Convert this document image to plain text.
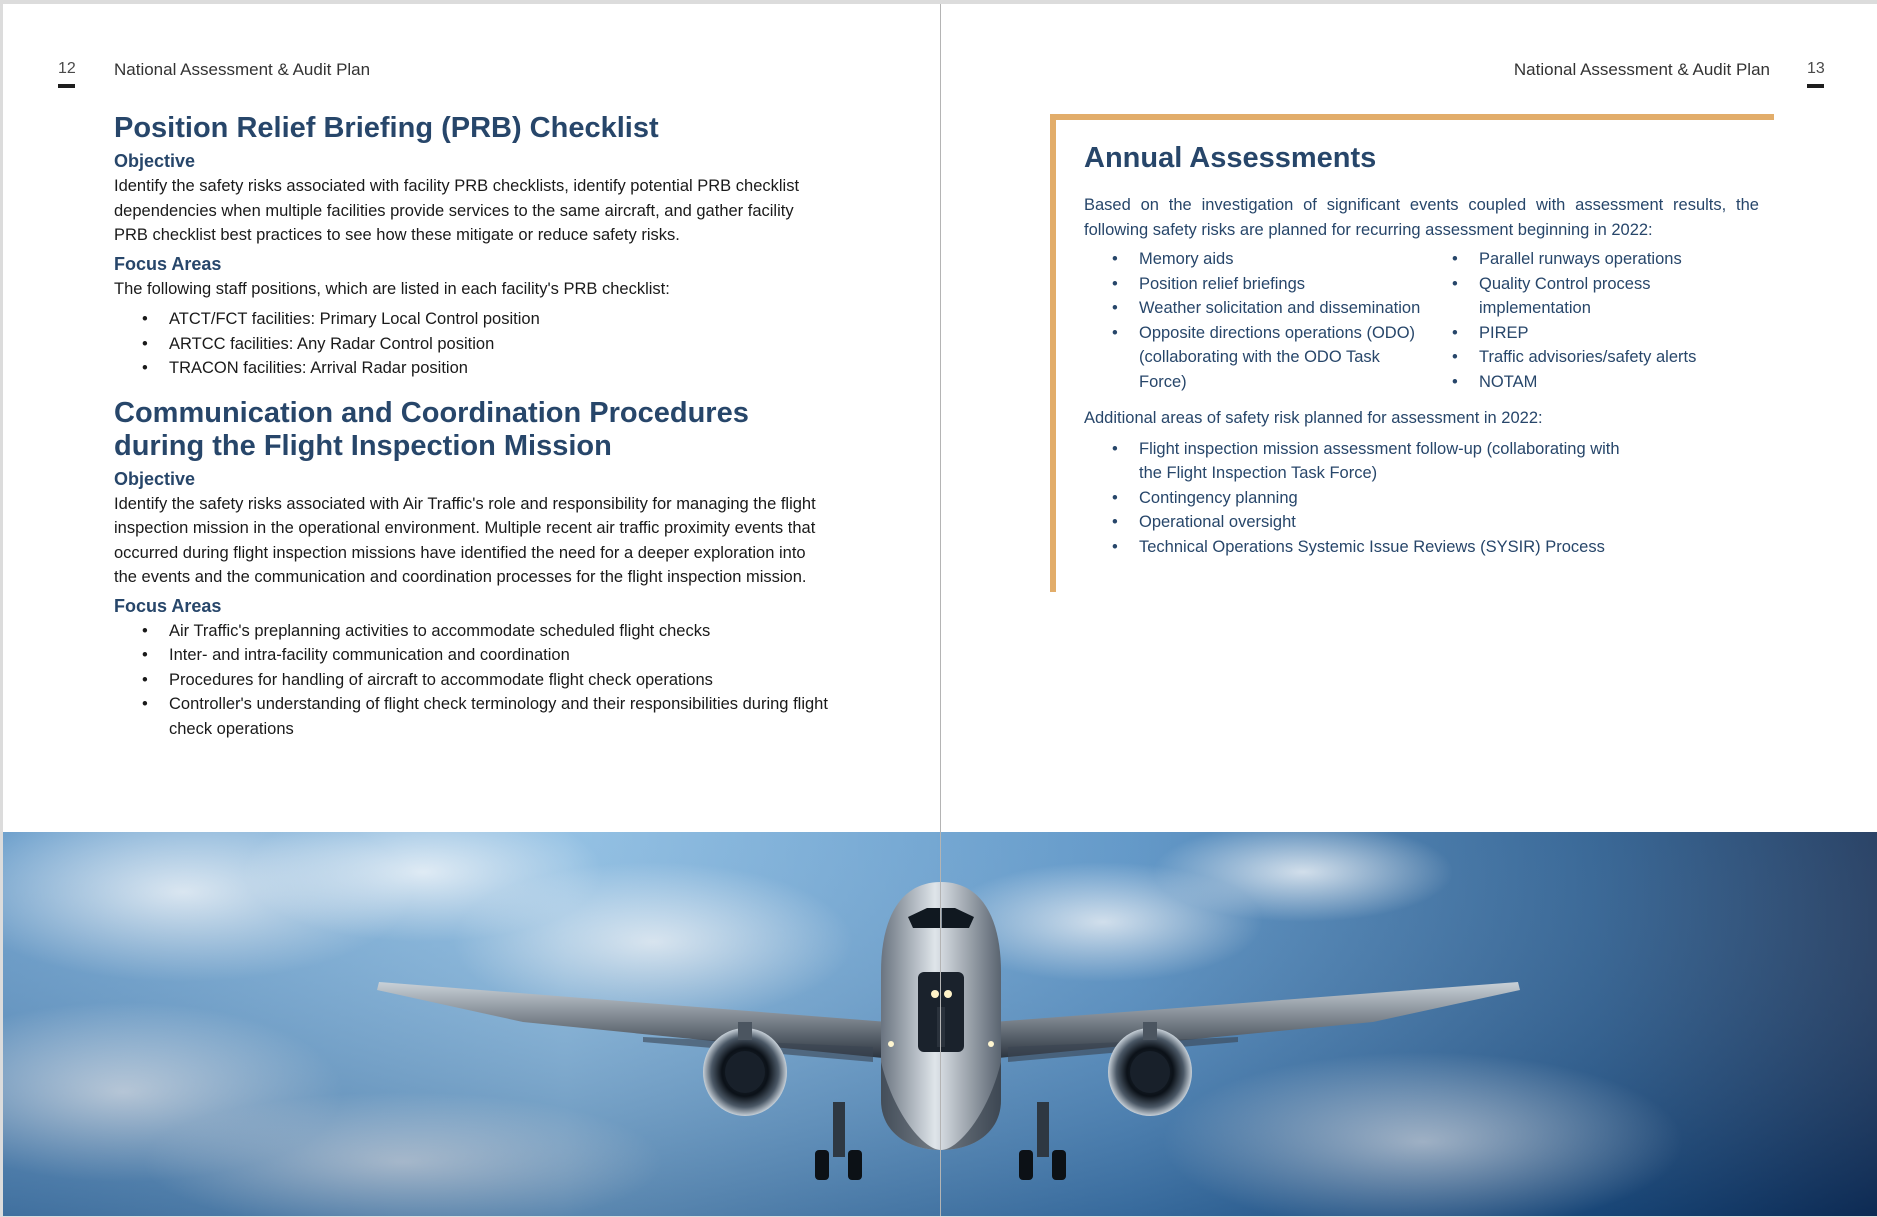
12 National Assessment & Audit Plan	National Assessment & Audit Plan 13
Position Relief Briefing (PRB) Checklist
Objective

Identify the safety risks associated with facility PRB checklists, identify potential PRB checklist dependencies when multiple facilities provide services to the same aircraft, and gather facility PRB checklist best practices to see how these mitigate or reduce safety risks.

Focus Areas

The following staff positions, which are listed in each facility's PRB checklist:

• ATCT/FCT facilities: Primary Local Control position
• ARTCC facilities: Any Radar Control position
• TRACON facilities: Arrival Radar position
Communication and Coordination Procedures during the Flight Inspection Mission
Objective

Identify the safety risks associated with Air Traffic's role and responsibility for managing the flight inspection mission in the operational environment. Multiple recent air traffic proximity events that occurred during flight inspection missions have identified the need for a deeper exploration into the events and the communication and coordination processes for the flight inspection mission.

Focus Areas
• Air Traffic's preplanning activities to accommodate scheduled flight checks
• Inter- and intra-facility communication and coordination
• Procedures for handling of aircraft to accommodate flight check operations
• Controller's understanding of flight check terminology and their responsibilities during flight check operations
Annual Assessments

Based on the investigation of significant events coupled with assessment results, the following safety risks are planned for recurring assessment beginning in 2022:

• Memory aids
• Position relief briefings
• Weather solicitation and dissemination
• Opposite directions operations (ODO) (collaborating with the ODO Task Force)
• Parallel runways operations
• Quality Control process implementation
• PIREP
• Traffic advisories/safety alerts
• NOTAM

Additional areas of safety risk planned for assessment in 2022:

• Flight inspection mission assessment follow-up (collaborating with the Flight Inspection Task Force)
• Contingency planning
• Operational oversight
• Technical Operations Systemic Issue Reviews (SYSIR) Process
